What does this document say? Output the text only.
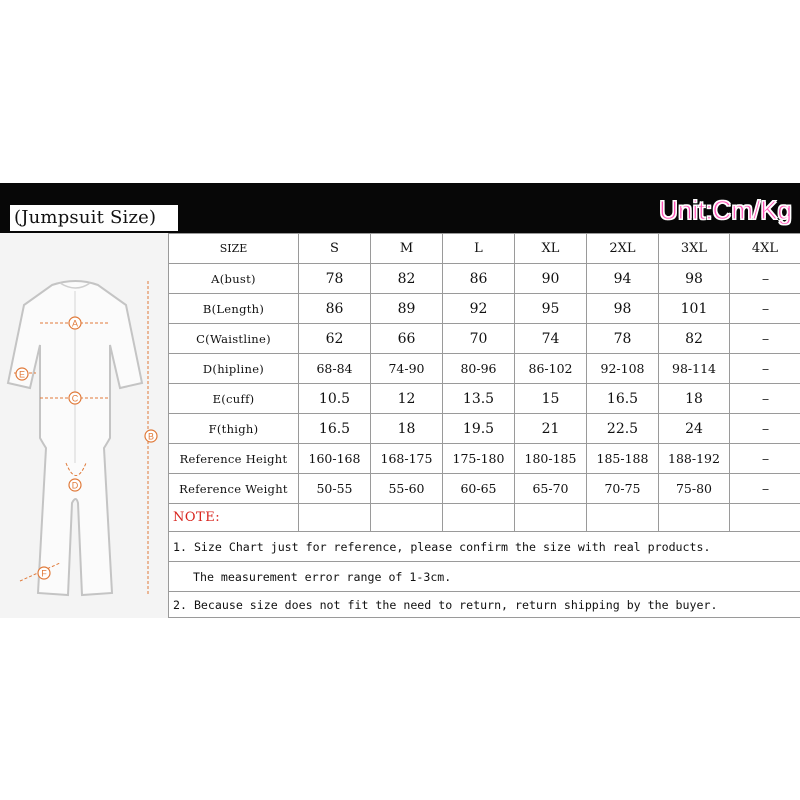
(Jumpsuit Size)	Unit:Cm/Kg
A
B
C
D
E
F
SIZE	S	M	L	XL	2XL	3XL	4XL
A(bust)	78	82	86	90	94	98	--
B(Length)	86	89	92	95	98	101	--
C(Waistline)	62	66	70	74	78	82	--
D(hipline)	68-84	74-90	80-96	86-102	92-108	98-114	--
E(cuff)	10.5	12	13.5	15	16.5	18	--
F(thigh)	16.5	18	19.5	21	22.5	24	--
Reference Height	160-168	168-175	175-180	180-185	185-188	188-192	--
Reference Weight	50-55	55-60	60-65	65-70	70-75	75-80	--
NOTE:							
1. Size Chart just for reference, please confirm the size with real products.							
The measurement error range of 1-3cm.							
2. Because size does not fit the need to return, return shipping by the buyer.							
